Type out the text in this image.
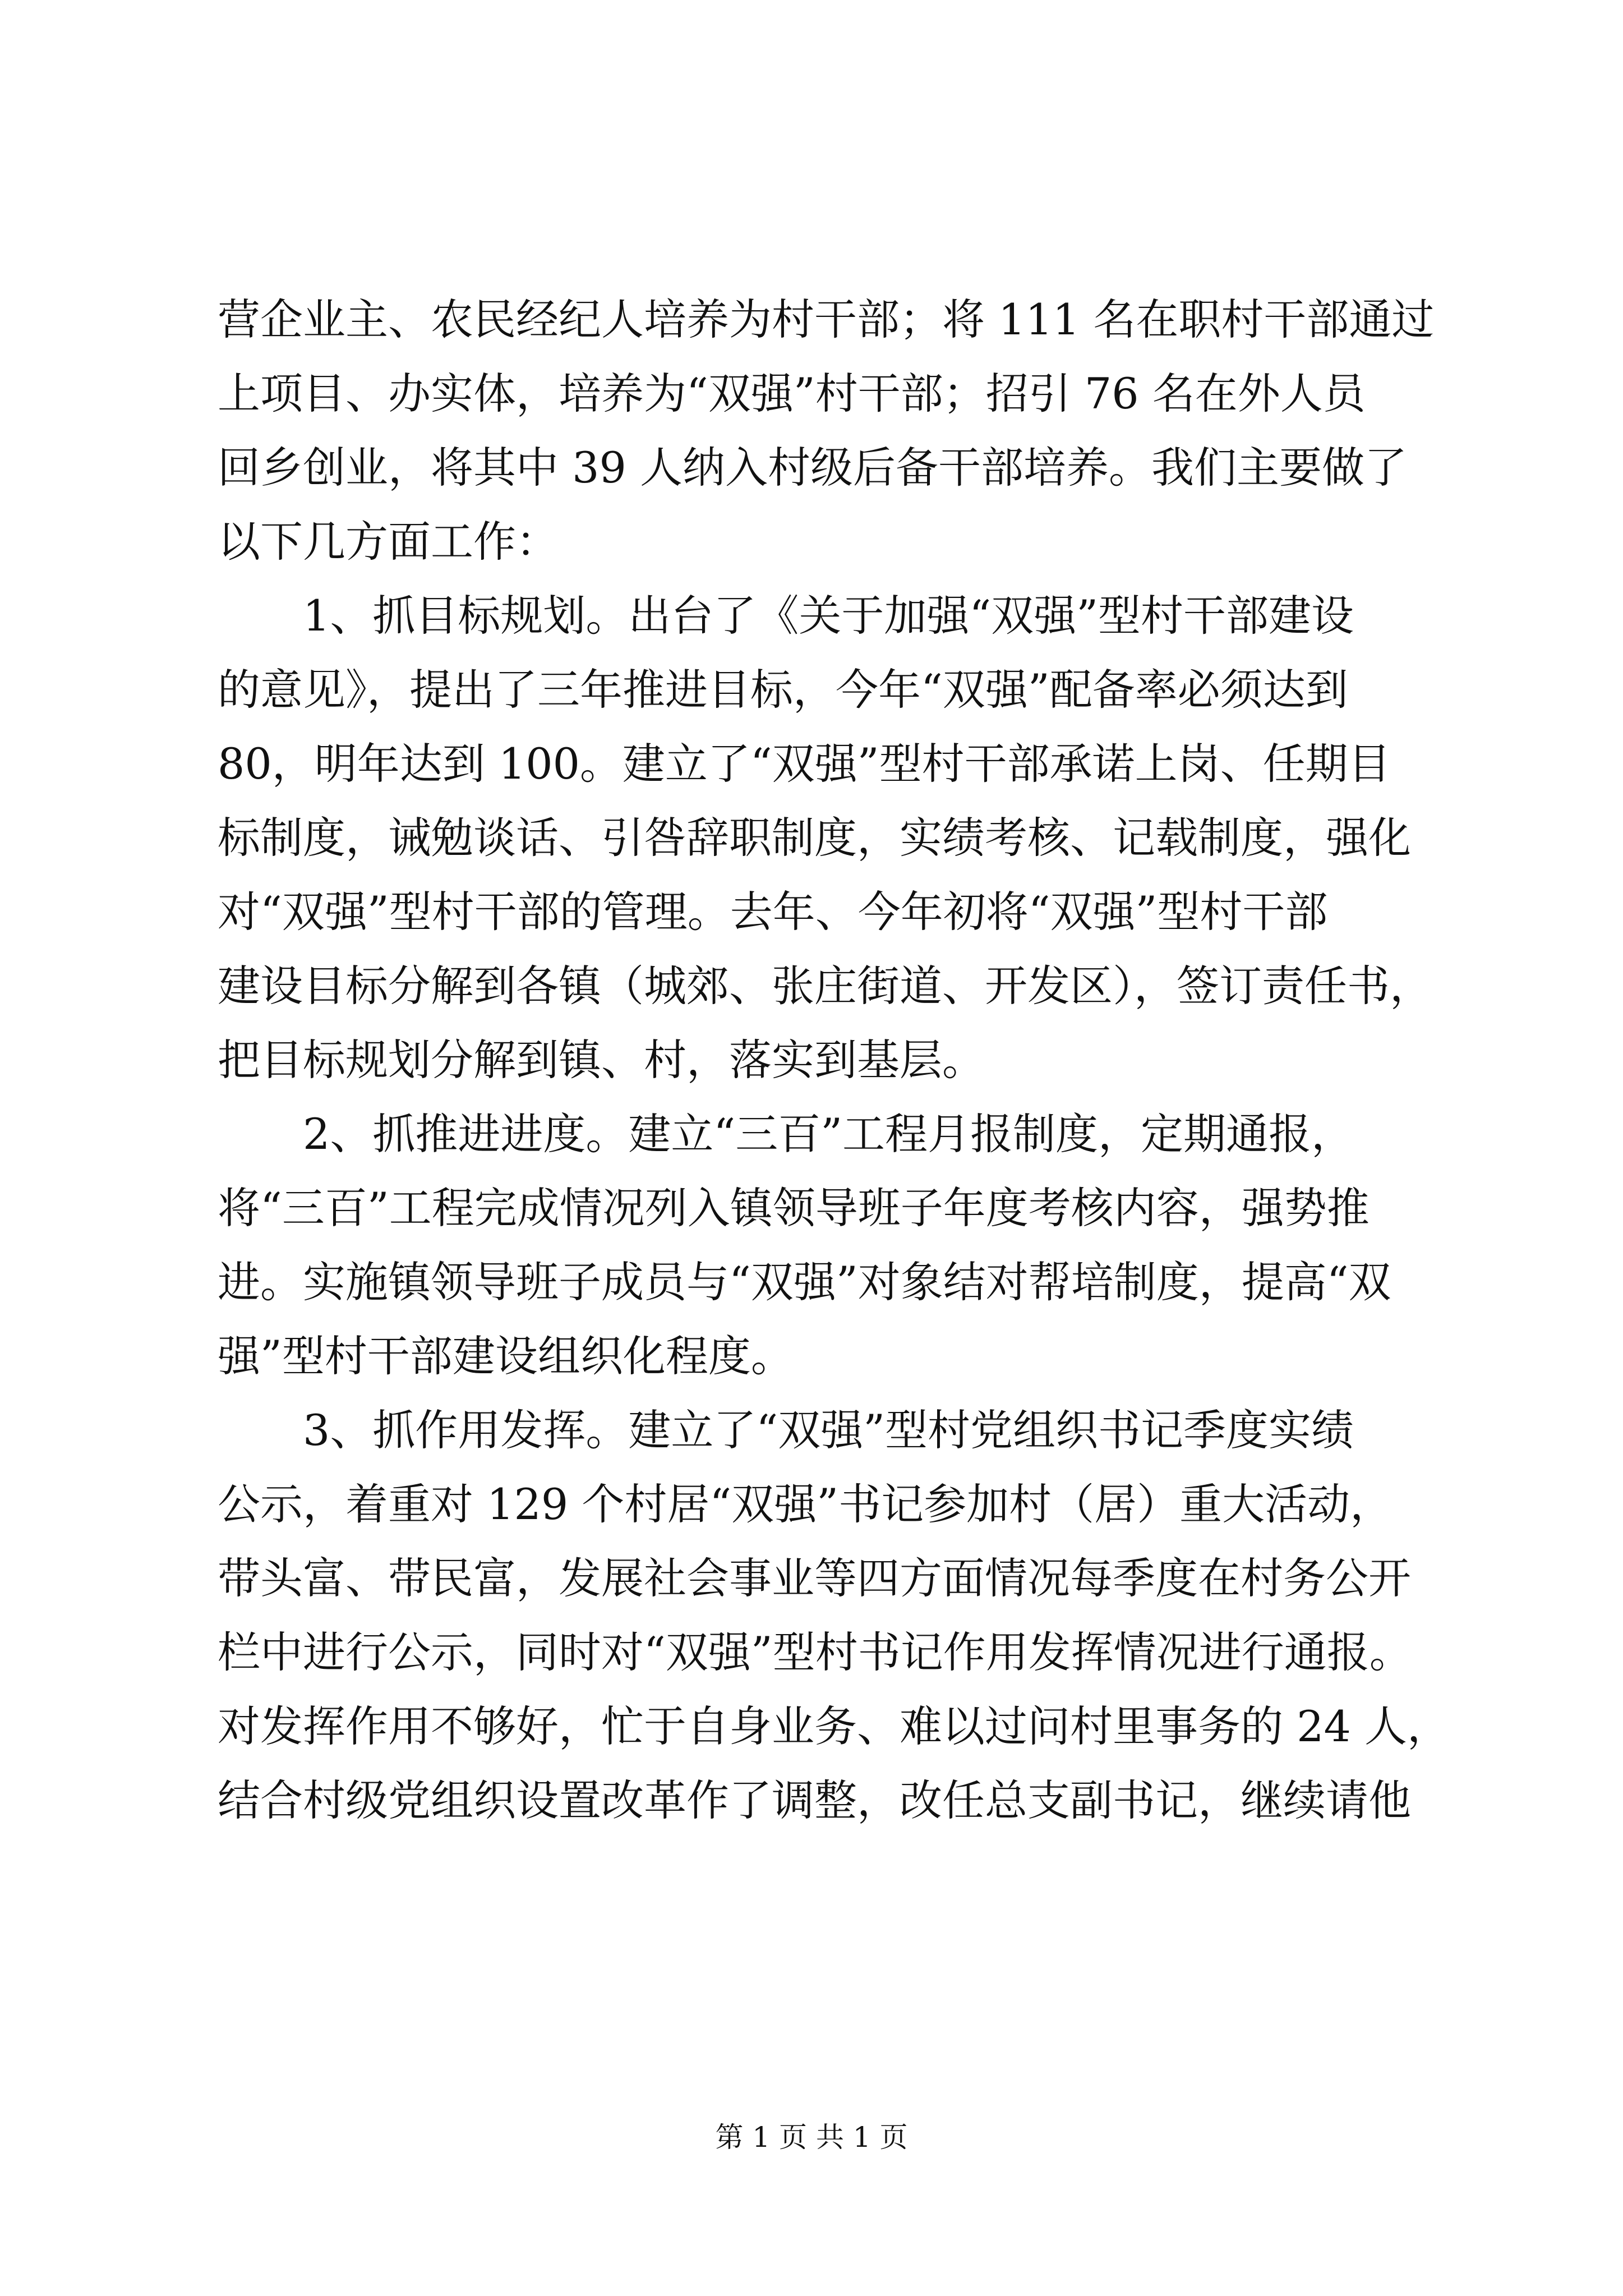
营企业主、农民经纪人培养为村干部；将 111 名在职村干部通过
上项目、办实体，培养为“双强”村干部；招引 76 名在外人员
回乡创业，将其中 39 人纳入村级后备干部培养。我们主要做了
以下几方面工作：
1、抓目标规划。出台了《关于加强“双强”型村干部建设
的意见》，提出了三年推进目标，今年“双强”配备率必须达到
80，明年达到 100。建立了“双强”型村干部承诺上岗、任期目
标制度，诫勉谈话、引咎辞职制度，实绩考核、记载制度，强化
对“双强”型村干部的管理。去年、今年初将“双强”型村干部
建设目标分解到各镇（城郊、张庄街道、开发区），签订责任书，
把目标规划分解到镇、村，落实到基层。
2、抓推进进度。建立“三百”工程月报制度，定期通报，
将“三百”工程完成情况列入镇领导班子年度考核内容，强势推
进。实施镇领导班子成员与“双强”对象结对帮培制度，提高“双
强”型村干部建设组织化程度。
3、抓作用发挥。建立了“双强”型村党组织书记季度实绩
公示，着重对 129 个村居“双强”书记参加村（居）重大活动，
带头富、带民富，发展社会事业等四方面情况每季度在村务公开
栏中进行公示，同时对“双强”型村书记作用发挥情况进行通报。
对发挥作用不够好，忙于自身业务、难以过问村里事务的 24 人，
结合村级党组织设置改革作了调整，改任总支副书记，继续请他
第 1 页 共 1 页
